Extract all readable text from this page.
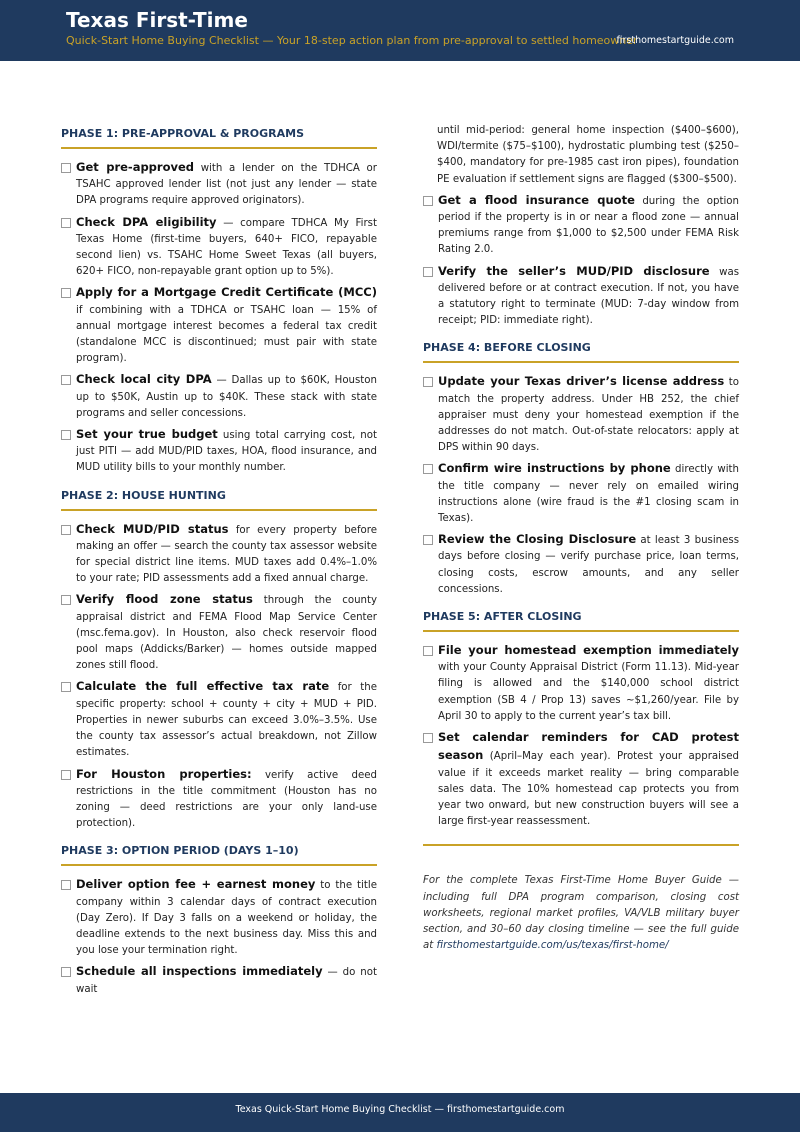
Texas First-Time
Quick-Start Home Buying Checklist — Your 18-step action plan from pre-approval to settled homeowner
firsthomestartguide.com
PHASE 1: PRE-APPROVAL & PROGRAMS
Get pre-approved with a lender on the TDHCA or TSAHC approved lender list (not just any lender — state DPA programs require approved originators).
Check DPA eligibility — compare TDHCA My First Texas Home (first-time buyers, 640+ FICO, repayable second lien) vs. TSAHC Home Sweet Texas (all buyers, 620+ FICO, non-repayable grant option up to 5%).
Apply for a Mortgage Credit Certificate (MCC) if combining with a TDHCA or TSAHC loan — 15% of annual mortgage interest becomes a federal tax credit (standalone MCC is discontinued; must pair with state program).
Check local city DPA — Dallas up to $60K, Houston up to $50K, Austin up to $40K. These stack with state programs and seller concessions.
Set your true budget using total carrying cost, not just PITI — add MUD/PID taxes, HOA, flood insurance, and MUD utility bills to your monthly number.
PHASE 2: HOUSE HUNTING
Check MUD/PID status for every property before making an offer — search the county tax assessor website for special district line items. MUD taxes add 0.4%–1.0% to your rate; PID assessments add a fixed annual charge.
Verify flood zone status through the county appraisal district and FEMA Flood Map Service Center (msc.fema.gov). In Houston, also check reservoir flood pool maps (Addicks/Barker) — homes outside mapped zones still flood.
Calculate the full effective tax rate for the specific property: school + county + city + MUD + PID. Properties in newer suburbs can exceed 3.0%–3.5%. Use the county tax assessor’s actual breakdown, not Zillow estimates.
For Houston properties: verify active deed restrictions in the title commitment (Houston has no zoning — deed restrictions are your only land-use protection).
PHASE 3: OPTION PERIOD (DAYS 1–10)
Deliver option fee + earnest money to the title company within 3 calendar days of contract execution (Day Zero). If Day 3 falls on a weekend or holiday, the deadline extends to the next business day. Miss this and you lose your termination right.
Schedule all inspections immediately — do not wait
until mid-period: general home inspection ($400–$600), WDI/termite ($75–$100), hydrostatic plumbing test ($250–$400, mandatory for pre-1985 cast iron pipes), foundation PE evaluation if settlement signs are flagged ($300–$500).
Get a flood insurance quote during the option period if the property is in or near a flood zone — annual premiums range from $1,000 to $2,500 under FEMA Risk Rating 2.0.
Verify the seller’s MUD/PID disclosure was delivered before or at contract execution. If not, you have a statutory right to terminate (MUD: 7-day window from receipt; PID: immediate right).
PHASE 4: BEFORE CLOSING
Update your Texas driver’s license address to match the property address. Under HB 252, the chief appraiser must deny your homestead exemption if the addresses do not match. Out-of-state relocators: apply at DPS within 90 days.
Confirm wire instructions by phone directly with the title company — never rely on emailed wiring instructions alone (wire fraud is the #1 closing scam in Texas).
Review the Closing Disclosure at least 3 business days before closing — verify purchase price, loan terms, closing costs, escrow amounts, and any seller concessions.
PHASE 5: AFTER CLOSING
File your homestead exemption immediately with your County Appraisal District (Form 11.13). Mid-year filing is allowed and the $140,000 school district exemption (SB 4 / Prop 13) saves ~$1,260/year. File by April 30 to apply to the current year’s tax bill.
Set calendar reminders for CAD protest season (April–May each year). Protest your appraised value if it exceeds market reality — bring comparable sales data. The 10% homestead cap protects you from year two onward, but new construction buyers will see a large first-year reassessment.
For the complete Texas First-Time Home Buyer Guide — including full DPA program comparison, closing cost worksheets, regional market profiles, VA/VLB military buyer section, and 30–60 day closing timeline — see the full guide at firsthomestartguide.com/us/texas/first-home/
Texas Quick-Start Home Buying Checklist — firsthomestartguide.com
